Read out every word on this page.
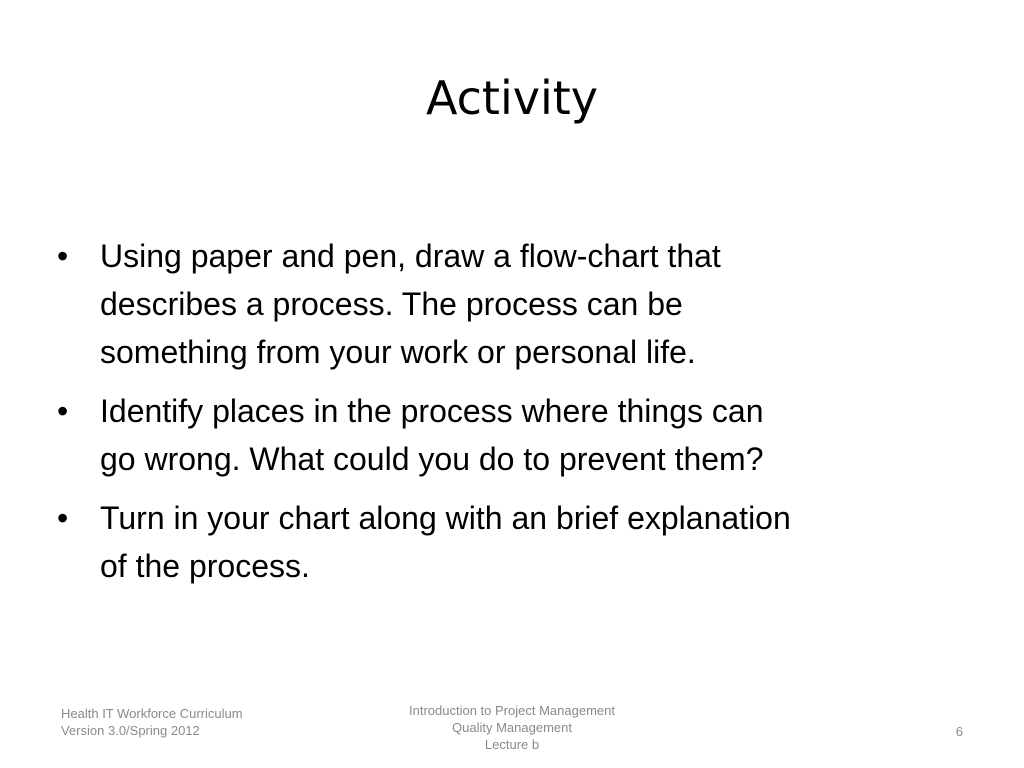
Activity
• Using paper and pen, draw a flow-chart that
describes a process. The process can be
something from your work or personal life.
• Identify places in the process where things can
go wrong. What could you do to prevent them?
• Turn in your chart along with an brief explanation
of the process.
Health IT Workforce Curriculum
Version 3.0/Spring 2012
Introduction to Project Management
Quality Management
Lecture b
6
